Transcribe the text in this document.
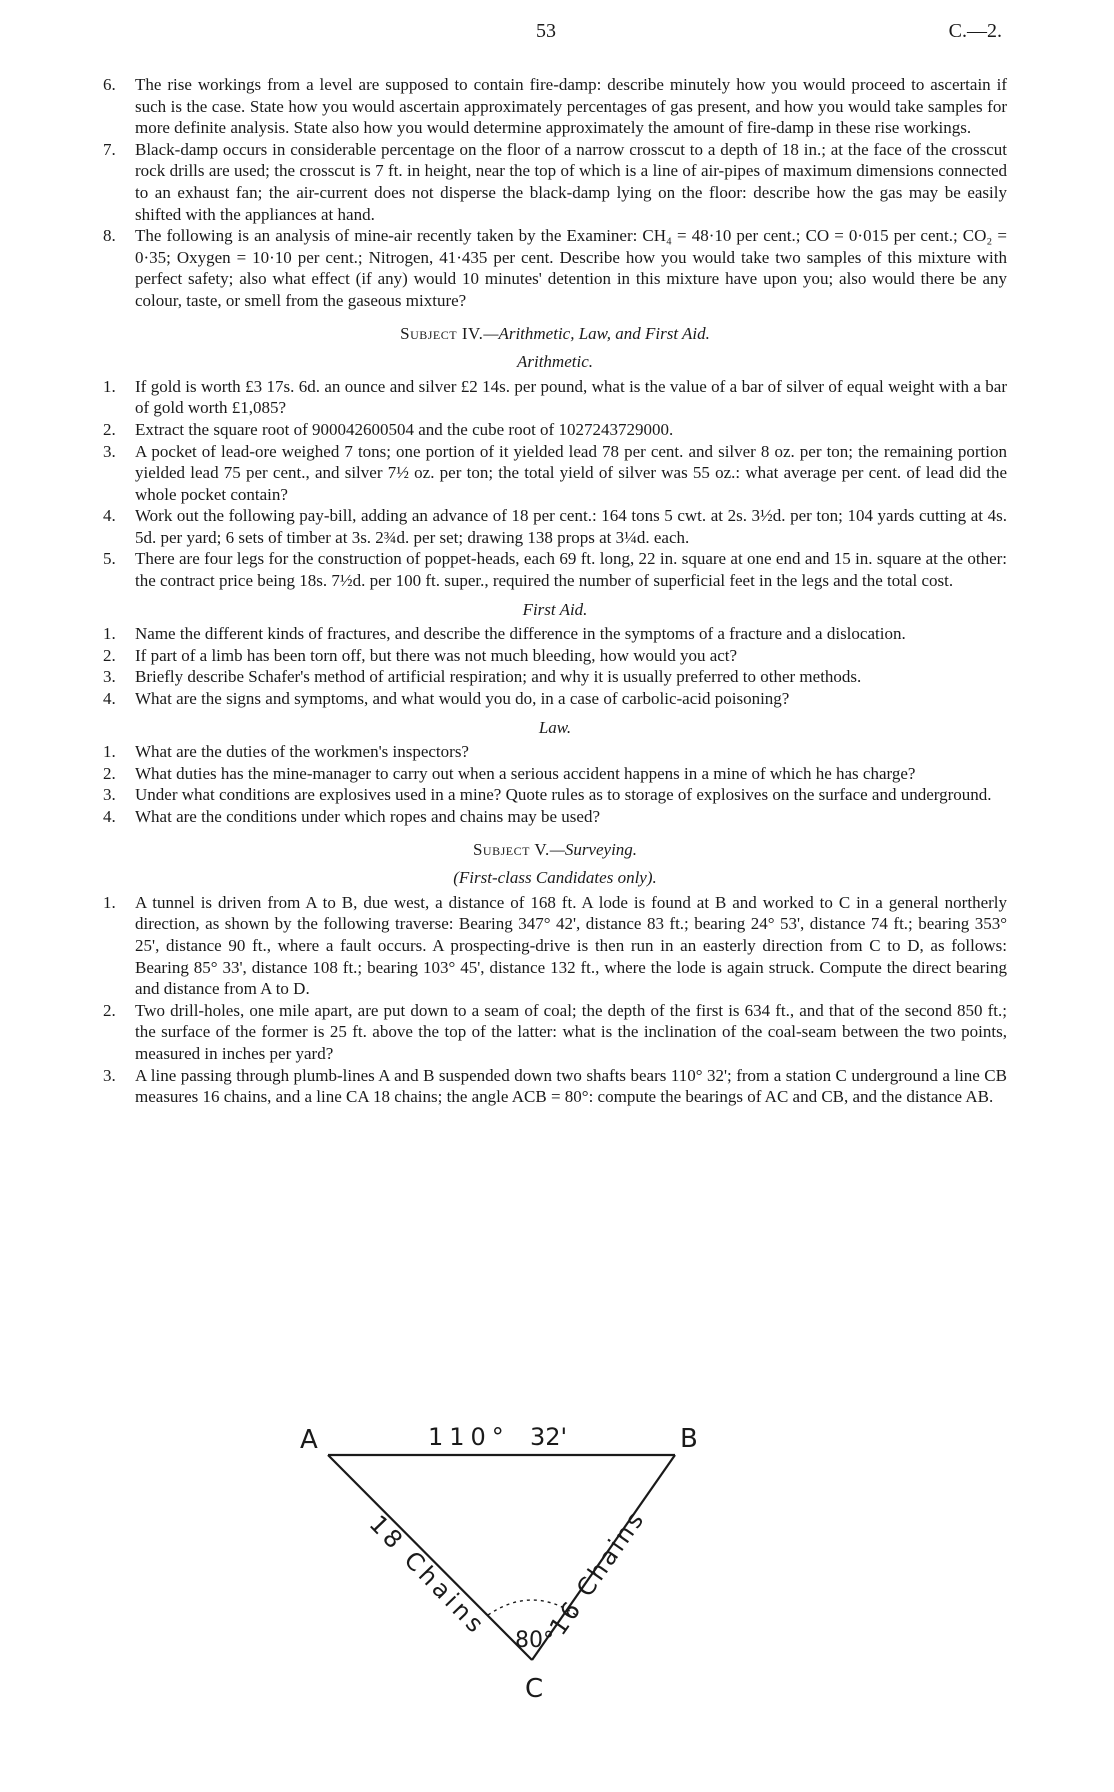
53	C.—2.
6. The rise workings from a level are supposed to contain fire-damp: describe minutely how you would proceed to ascertain if such is the case. State how you would ascertain approximately percentages of gas present, and how you would take samples for more definite analysis. State also how you would determine approximately the amount of fire-damp in these rise workings.
7. Black-damp occurs in considerable percentage on the floor of a narrow crosscut to a depth of 18 in.; at the face of the crosscut rock drills are used; the crosscut is 7 ft. in height, near the top of which is a line of air-pipes of maximum dimensions connected to an exhaust fan; the air-current does not disperse the black-damp lying on the floor: describe how the gas may be easily shifted with the appliances at hand.
8. The following is an analysis of mine-air recently taken by the Examiner: CH₄ = 48·10 per cent.; CO = 0·015 per cent.; CO₂ = 0·35; Oxygen = 10·10 per cent.; Nitrogen, 41·435 per cent. Describe how you would take two samples of this mixture with perfect safety; also what effect (if any) would 10 minutes' detention in this mixture have upon you; also would there be any colour, taste, or smell from the gaseous mixture?
Subject IV.—Arithmetic, Law, and First Aid.
Arithmetic.
1. If gold is worth £3 17s. 6d. an ounce and silver £2 14s. per pound, what is the value of a bar of silver of equal weight with a bar of gold worth £1,085?
2. Extract the square root of 900042600504 and the cube root of 1027243729000.
3. A pocket of lead-ore weighed 7 tons; one portion of it yielded lead 78 per cent. and silver 8 oz. per ton; the remaining portion yielded lead 75 per cent., and silver 7½ oz. per ton; the total yield of silver was 55 oz.: what average per cent. of lead did the whole pocket contain?
4. Work out the following pay-bill, adding an advance of 18 per cent.: 164 tons 5 cwt. at 2s. 3½d. per ton; 104 yards cutting at 4s. 5d. per yard; 6 sets of timber at 3s. 2¾d. per set; drawing 138 props at 3¼d. each.
5. There are four legs for the construction of poppet-heads, each 69 ft. long, 22 in. square at one end and 15 in. square at the other: the contract price being 18s. 7½d. per 100 ft. super., required the number of superficial feet in the legs and the total cost.
First Aid.
1. Name the different kinds of fractures, and describe the difference in the symptoms of a fracture and a dislocation.
2. If part of a limb has been torn off, but there was not much bleeding, how would you act?
3. Briefly describe Schafer's method of artificial respiration; and why it is usually preferred to other methods.
4. What are the signs and symptoms, and what would you do, in a case of carbolic-acid poisoning?
Law.
1. What are the duties of the workmen's inspectors?
2. What duties has the mine-manager to carry out when a serious accident happens in a mine of which he has charge?
3. Under what conditions are explosives used in a mine? Quote rules as to storage of explosives on the surface and underground.
4. What are the conditions under which ropes and chains may be used?
Subject V.—Surveying.
(First-class Candidates only).
1. A tunnel is driven from A to B, due west, a distance of 168 ft. A lode is found at B and worked to C in a general northerly direction, as shown by the following traverse: Bearing 347° 42', distance 83 ft.; bearing 24° 53', distance 74 ft.; bearing 353° 25', distance 90 ft., where a fault occurs. A prospecting-drive is then run in an easterly direction from C to D, as follows: Bearing 85° 33', distance 108 ft.; bearing 103° 45', distance 132 ft., where the lode is again struck. Compute the direct bearing and distance from A to D.
2. Two drill-holes, one mile apart, are put down to a seam of coal; the depth of the first is 634 ft., and that of the second 850 ft.; the surface of the former is 25 ft. above the top of the latter: what is the inclination of the coal-seam between the two points, measured in inches per yard?
3. A line passing through plumb-lines A and B suspended down two shafts bears 110° 32'; from a station C underground a line CB measures 16 chains, and a line CA 18 chains; the angle ACB = 80°: compute the bearings of AC and CB, and the distance AB.
A	B
C
110° 32'
80°
18 Chains 16 Chains
